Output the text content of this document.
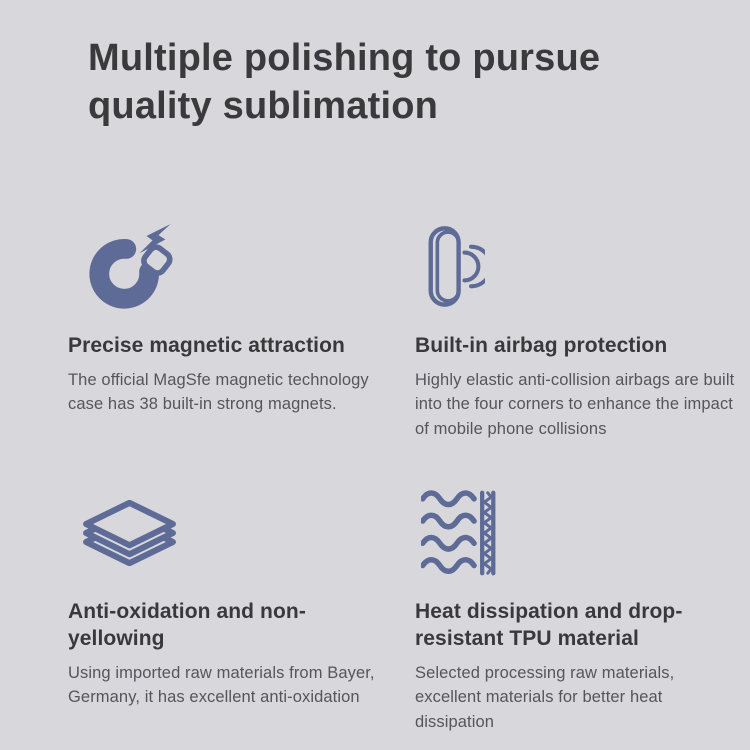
Multiple polishing to pursue
quality sublimation
Precise magnetic attraction

The official MagSfe magnetic technology case has 38 built-in strong magnets.

Built-in airbag protection

Highly elastic anti-collision airbags are built into the four corners to enhance the impact of mobile phone collisions

Anti-oxidation and non-yellowing

Using imported raw materials from Bayer, Germany, it has excellent anti-oxidation

Heat dissipation and drop-resistant TPU material

Selected processing raw materials, excellent materials for better heat dissipation
